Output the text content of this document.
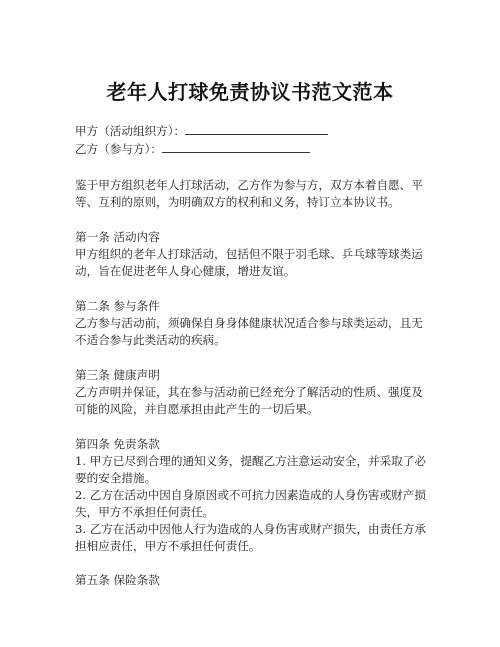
老年人打球免责协议书范文范本
甲方（活动组织方）：
乙方（参与方）：
鉴于甲方组织老年人打球活动，乙方作为参与方，双方本着自愿、平
等、互利的原则，为明确双方的权利和义务，特订立本协议书。
第一条 活动内容
甲方组织的老年人打球活动，包括但不限于羽毛球、乒乓球等球类运
动，旨在促进老年人身心健康，增进友谊。
第二条 参与条件
乙方参与活动前，须确保自身身体健康状况适合参与球类运动，且无
不适合参与此类活动的疾病。
第三条 健康声明
乙方声明并保证，其在参与活动前已经充分了解活动的性质、强度及
可能的风险，并自愿承担由此产生的一切后果。
第四条 免责条款
1. 甲方已尽到合理的通知义务，提醒乙方注意运动安全，并采取了必
要的安全措施。
2. 乙方在活动中因自身原因或不可抗力因素造成的人身伤害或财产损
失，甲方不承担任何责任。
3. 乙方在活动中因他人行为造成的人身伤害或财产损失，由责任方承
担相应责任，甲方不承担任何责任。
第五条 保险条款
